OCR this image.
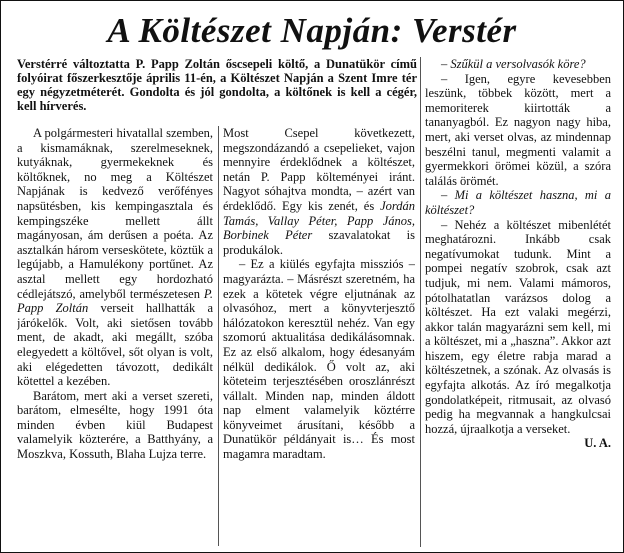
A Költészet Napján: Verstér

Verstérré változtatta P. Papp Zoltán őscsepeli költő, a Dunatükör című folyóirat főszerkesztője április 11-én, a Költészet Napján a Szent Imre tér egy négyzetméterét. Gondolta és jól gondolta, a költőnek is kell a cégér, kell hírverés.

A polgármesteri hivatallal szemben, a kismamáknak, szerelmeseknek, kutyáknak, gyermekeknek és költőknek, no meg a Költészet Napjának is kedvező verőfényes napsütésben, kis kempingasztala és kempingszéke mellett állt magányosan, ám derűsen a poéta. Az asztalkán három verseskötete, köztük a legújabb, a Hamulékony portűnet. Az asztal mellett egy hordozható cédlejátszó, amelyből természetesen P. Papp Zoltán verseit hallhatták a járókelők. Volt, aki sietősen tovább ment, de akadt, aki megállt, szóba elegyedett a költővel, sőt olyan is volt, aki elégedetten távozott, dedikált kötettel a kezében.

Barátom, mert aki a verset szereti, barátom, elmesélte, hogy 1991 óta minden évben kiül Budapest valamelyik közterére, a Batthyány, a Moszkva, Kossuth, Blaha Lujza terre.

Most Csepel következett, megszondázandó a csepelieket, vajon mennyire érdeklődnek a költészet, netán P. Papp költeményei iránt. Nagyot sóhajtva mondta, – azért van érdeklődő. Egy kis zenét, és Jordán Tamás, Vallay Péter, Papp János, Borbinek Péter szavalatokat is produkálok.

– Ez a kiülés egyfajta missziós – magyarázta. – Másrészt szeretném, ha ezek a kötetek végre eljutnának az olvasóhoz, mert a könyvterjesztő hálózatokon keresztül nehéz. Van egy szomorú aktualitása dedikálásomnak. Ez az első alkalom, hogy édesanyám nélkül dedikálok. Ő volt az, aki köteteim terjesztésében oroszlánrészt vállalt. Minden nap, minden áldott nap elment valamelyik köztérre könyveimet árusítani, később a Dunatükör példányait is… És most magamra maradtam.

– Szűkül a versolvasók köre?

– Igen, egyre kevesebben leszünk, többek között, mert a memoriterek kiirtották a tananyagból. Ez nagyon nagy hiba, mert, aki verset olvas, az mindennap beszélni tanul, megmenti valamit a gyermekkori örömei közül, a szóra találás örömét.

– Mi a költészet haszna, mi a költészet?

– Nehéz a költészet mibenlétét meghatározni. Inkább csak negatívumokat tudunk. Mint a pompei negatív szobrok, csak azt tudjuk, mi nem. Valami mámoros, pótolhatatlan varázsos dolog a költészet. Ha ezt valaki megérzi, akkor talán magyarázni sem kell, mi a költészet, mi a „haszna”. Akkor azt hiszem, egy életre rabja marad a költészetnek, a szónak. Az olvasás is egyfajta alkotás. Az író megalkotja gondolatképeit, ritmusait, az olvasó pedig ha megvannak a hangkulcsai hozzá, újraalkotja a verseket.

U. A.
